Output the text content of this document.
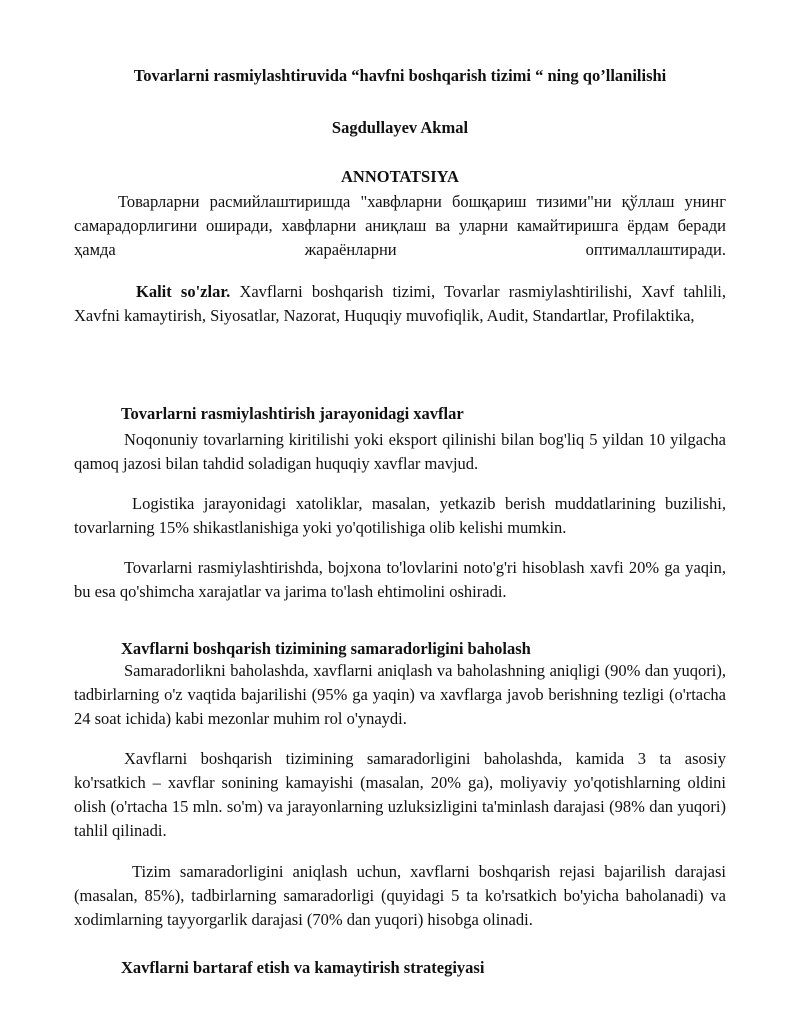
Tovarlarni rasmiylashtiruvida “havfni boshqarish tizimi “ ning qo’llanilishi
Sagdullayev Akmal
ANNOTATSIYA

Товарларни расмийлаштиришда "хавфларни бошқариш тизими"ни қўллаш унинг самарадорлигини оширади, хавфларни аниқлаш ва уларни камайтиришга ёрдам беради ҳамда жараёнларни оптималлаштиради.

Kalit so'zlar. Xavflarni boshqarish tizimi, Tovarlar rasmiylashtirilishi, Xavf tahlili, Xavfni kamaytirish, Siyosatlar, Nazorat, Huquqiy muvofiqlik, Audit, Standartlar, Profilaktika,

Tovarlarni rasmiylashtirish jarayonidagi xavflar

Noqonuniy tovarlarning kiritilishi yoki eksport qilinishi bilan bog'liq 5 yildan 10 yilgacha qamoq jazosi bilan tahdid soladigan huquqiy xavflar mavjud.

Logistika jarayonidagi xatoliklar, masalan, yetkazib berish muddatlarining buzilishi, tovarlarning 15% shikastlanishiga yoki yo'qotilishiga olib kelishi mumkin.

Tovarlarni rasmiylashtirishda, bojxona to'lovlarini noto'g'ri hisoblash xavfi 20% ga yaqin, bu esa qo'shimcha xarajatlar va jarima to'lash ehtimolini oshiradi.

Xavflarni boshqarish tizimining samaradorligini baholash

Samaradorlikni baholashda, xavflarni aniqlash va baholashning aniqligi (90% dan yuqori), tadbirlarning o'z vaqtida bajarilishi (95% ga yaqin) va xavflarga javob berishning tezligi (o'rtacha 24 soat ichida) kabi mezonlar muhim rol o'ynaydi.

Xavflarni boshqarish tizimining samaradorligini baholashda, kamida 3 ta asosiy ko'rsatkich – xavflar sonining kamayishi (masalan, 20% ga), moliyaviy yo'qotishlarning oldini olish (o'rtacha 15 mln. so'm) va jarayonlarning uzluksizligini ta'minlash darajasi (98% dan yuqori) tahlil qilinadi.

Tizim samaradorligini aniqlash uchun, xavflarni boshqarish rejasi bajarilish darajasi (masalan, 85%), tadbirlarning samaradorligi (quyidagi 5 ta ko'rsatkich bo'yicha baholanadi) va xodimlarning tayyorgarlik darajasi (70% dan yuqori) hisobga olinadi.

Xavflarni bartaraf etish va kamaytirish strategiyasi
